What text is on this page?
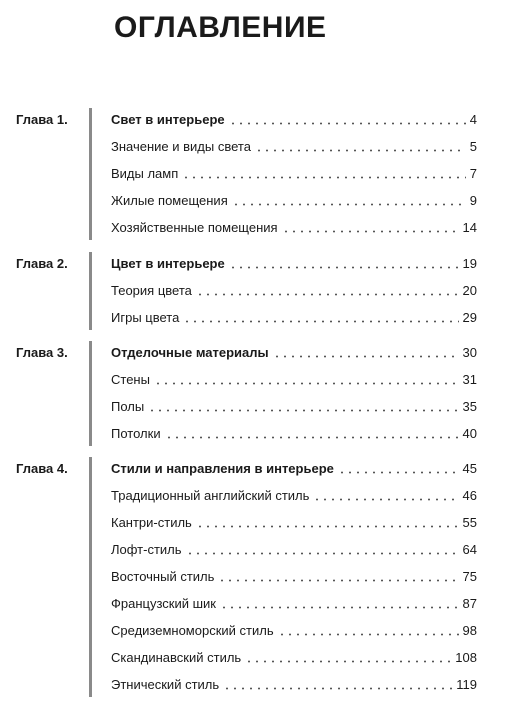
ОГЛАВЛЕНИЕ
Глава 1.	Свет в интерьере	4
Значение и виды света	5
Виды ламп	7
Жилые помещения	9
Хозяйственные помещения	14
Глава 2.	Цвет в интерьере	19
Теория цвета	20
Игры цвета	29
Глава 3.	Отделочные материалы	30
Стены	31
Полы	35
Потолки	40
Глава 4.	Стили и направления в интерьере	45
Традиционный английский стиль	46
Кантри-стиль	55
Лофт-стиль	64
Восточный стиль	75
Французский шик	87
Средиземноморский стиль	98
Скандинавский стиль	108
Этнический стиль	119
